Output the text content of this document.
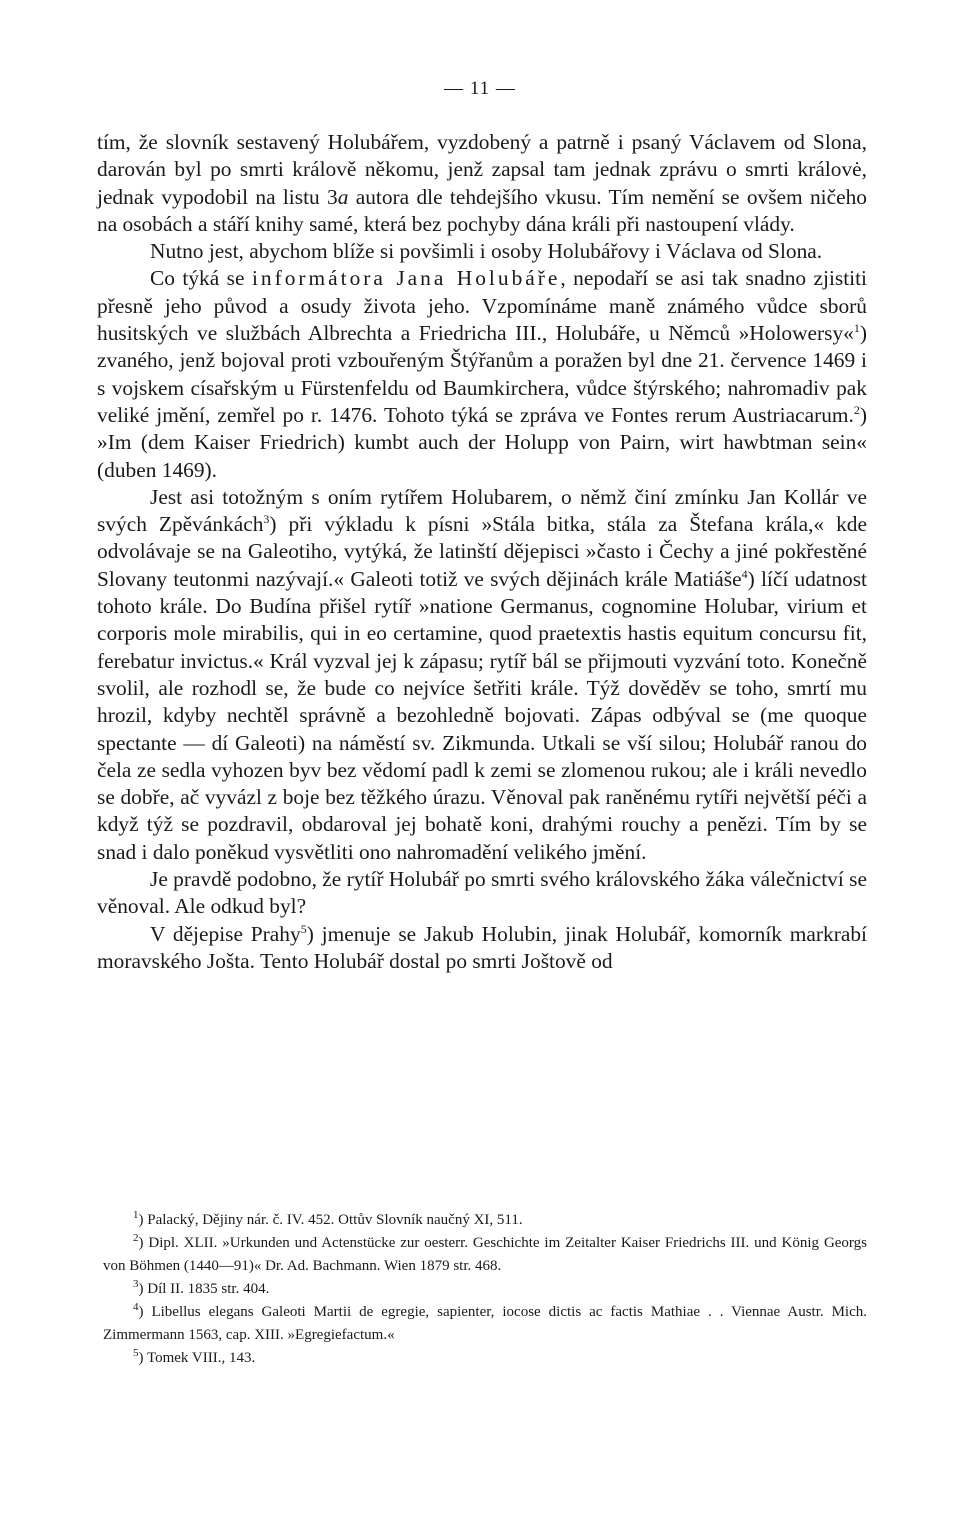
— 11 —

tím, že slovník sestavený Holubářem, vyzdobený a patrně i psaný Václavem od Slona, darován byl po smrti králově někomu, jenž zapsal tam jednak zprávu o smrti královė, jednak vypodobil na listu 3a autora dle tehdejšího vkusu. Tím nemění se ovšem ničeho na osobách a stáří knihy samé, která bez pochyby dána králi při nastoupení vlády.

Nutno jest, abychom blíže si povšimli i osoby Holubářovy i Václava od Slona.

Co týká se informátora Jana Holubáře, nepodaří se asi tak snadno zjistiti přesně jeho původ a osudy života jeho. Vzpomínáme maně známého vůdce sborů husitských ve službách Albrechta a Friedricha III., Holubáře, u Němců »Holowersy«$^1$) zvaného, jenž bojoval proti vzbouřeným Štýřanům a poražen byl dne 21. července 1469 i s vojskem císařským u Fürstenfeldu od Baumkirchera, vůdce štýrského; nahromadiv pak veliké jmění, zemřel po r. 1476. Tohoto týká se zpráva ve Fontes rerum Austriacarum.$^2$) »Im (dem Kaiser Friedrich) kumbt auch der Holupp von Pairn, wirt hawbtman sein« (duben 1469).

Jest asi totožným s oním rytířem Holubarem, o němž činí zmínku Jan Kollár ve svých Zpěvánkách$^3$) při výkladu k písni »Stála bitka, stála za Štefana krála,« kde odvolávaje se na Galeotiho, vytýká, že latinští dějepisci »často i Čechy a jiné pokřestěné Slovany teutonmi nazývají.« Galeoti totiž ve svých dějinách krále Matiáše$^4$) líčí udatnost tohoto krále. Do Budína přišel rytíř »natione Germanus, cognomine Holubar, virium et corporis mole mirabilis, qui in eo certamine, quod praetextis hastis equitum concursu fit, ferebatur invictus.« Král vyzval jej k zápasu; rytíř bál se přijmouti vyzvání toto. Konečně svolil, ale rozhodl se, že bude co nejvíce šetřiti krále. Týž dověděv se toho, smrtí mu hrozil, kdyby nechtěl správně a bezohledně bojovati. Zápas odbýval se (me quoque spectante — dí Galeoti) na náměstí sv. Zikmunda. Utkali se vší silou; Holubář ranou do čela ze sedla vyhozen byv bez vědomí padl k zemi se zlomenou rukou; ale i králi nevedlo se dobře, ač vyvázl z boje bez těžkého úrazu. Věnoval pak raněnému rytíři největší péči a když týž se pozdravil, obdaroval jej bohatě koni, drahými rouchy a penězi. Tím by se snad i dalo poněkud vysvětliti ono nahromadění velikého jmění.

Je pravdě podobno, že rytíř Holubář po smrti svého královského žáka válečnictví se věnoval. Ale odkud byl?

V dějepise Prahy$^5$) jmenuje se Jakub Holubin, jinak Holubář, komorník markrabí moravského Jošta. Tento Holubář dostal po smrti Joštově od

$^1$) Palacký, Dějiny nár. č. IV. 452. Ottův Slovník naučný XI, 511.

$^2$) Dipl. XLII. »Urkunden und Actenstücke zur oesterr. Geschichte im Zeitalter Kaiser Friedrichs III. und König Georgs von Böhmen (1440—91)« Dr. Ad. Bachmann. Wien 1879 str. 468.

$^3$) Díl II. 1835 str. 404.

$^4$) Libellus elegans Galeoti Martii de egregie, sapienter, iocose dictis ac factis Mathiae . . Viennae Austr. Mich. Zimmermann 1563, cap. XIII. »Egregiefactum.«

$^5$) Tomek VIII., 143.
